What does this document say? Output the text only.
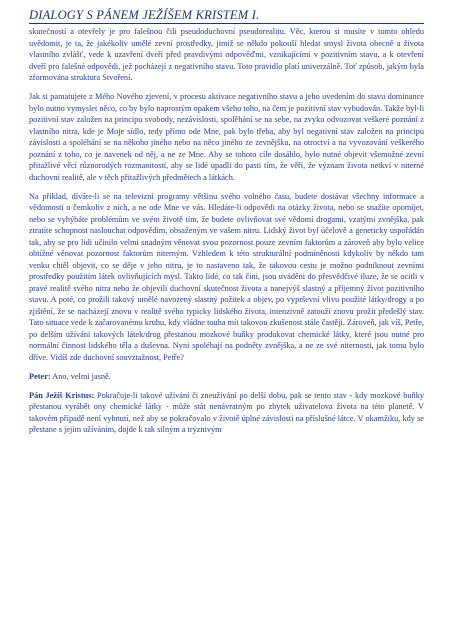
DIALOGY S PÁNEM JEŽÍŠEM KRISTEM I.

skutečností a otevřely je pro falešnou čili pseudoduchovní pseudorealitu. Věc, kterou si musíte v tomto ohledu uvědomit, je ta, že jakékoliv umělé zevní prostředky, jimiž se někdo pokouší hledat smysl života obecně a života vlastního zvlášť, vede k uzavření dveří před pravdivými odpověďmi, vznikajícími v pozitivním stavu, a k otevření dveří pro falešné odpovědi, jež pocházejí z negativního stavu. Toto pravidlo platí univerzálně. Toť způsob, jakým byla zformována struktura Stvoření.

Jak si pamatujete z Mého Nového zjevení, v procesu aktivace negativního stavu a jeho uvedením do stavu dominance bylo nutno vymyslet něco, co by bylo naprostým opakem všeho toho, na čem je pozitivní stav vybudován. Takže byl-li pozitivní stav založen na principu svobody, nezávislosti, spolěhání se na sebe, na zvyku odvozovat veškeré poznání z vlastního nitra, kde je Moje sídlo, tedy přímo ode Mne, pak bylo třeba, aby byl negativní stav založen na principu závislosti a spoléhání se na někoho jiného nebo na něco jiného ze zevnějšku, na otroctví a na vyvozování veškerého poznání z toho, co je navenek od něj, a ne ze Mne. Aby se tohoto cíle dosáhlo, bylo nutné objevit všemožné zevní přitažlivé věci různorodých rozmanitostí, aby se lidé upadli do pasti tím, že věří, že význam života netkví v niterné duchovní realitě, ale v těch přitažlivých předmětech a látkách.

Na příklad, díváte-li se na televizní programy většinu svého volného času, budete dostávat všechny informace a vědomosti o čemkoliv z nich, a ne ode Mne ve vás. Hledáte-li odpovědi na otázky života, nebo se snažíte opomíjet, nebo se vyhýbáte problémům ve svém životě tím, že budete ovlivňovat své vědomí drogami, vzatými zvnějška, pak ztratíte schopnost naslouchat odpovědím, obsaženým ve vašem nitru. Lidský život byl účelově a geneticky uspořádán tak, aby se pro lidi učinilo velmi snadným věnovat svou pozornost pouze zevním faktorům a zároveň aby bylo velice obtížné věnovat pozornost faktorům niterným. Vzhledem k této strukturální podmíněnosti kdykoliv by někdo tam venku chtěl objevit, co se děje v jeho nitru, je to nastaveno tak, že takovou cestu je možno podniknout zevními prostředky použitím látek ovlivňujících mysl. Takto lidé, co tak činí, jsou uváděni do přesvědčivé iluze, že se ocitli v pravé realitě svého nitra nebo že objevili duchovní skutečnost života a nanejvýš slastný a příjemný život pozitivního stavu. A poté, co prožili takový umělé navozený slastný požitek a objev, po vyprševní vlivu použité látky/drogy a po zjištění, že se nacházejí znovu v realitě svého typicky lidského života, intenzivně zatouží znovu prožít předešlý stav. Tato situace vede k začarovanému kruhu, kdy vládne touha mít takovou zkušenost stále častěji. Zároveň, jak víš, Petře, po delším užívání takových látek/drog přestanou mozkové buňky produkovat chemické látky, které jsou nutné pro normální činnost lidského těla a duševna. Nyní spoléhají na podněty zvnějška, a ne ze své niternosti, jak tomu bylo dříve. Vidíš zde duchovní souvztažnost, Petře?

Peter: Ano, velmi jasně.

Pán Ježíš Kristus: Pokračuje-li takové užívání či zneužívání po delší dobu, pak se tento stav - kdy mozkové buňky přestanou vyrábět ony chemické látky - může stát nenávratným po zbytek uživatelova života na této planetě. V takovém případě není vyhnutí, než aby se pokračovalo v životě úplné závislosti na příslušné látce. V okamžiku, kdy se přestane s jejím užíváním, dojde k tak silným a trýznivým
